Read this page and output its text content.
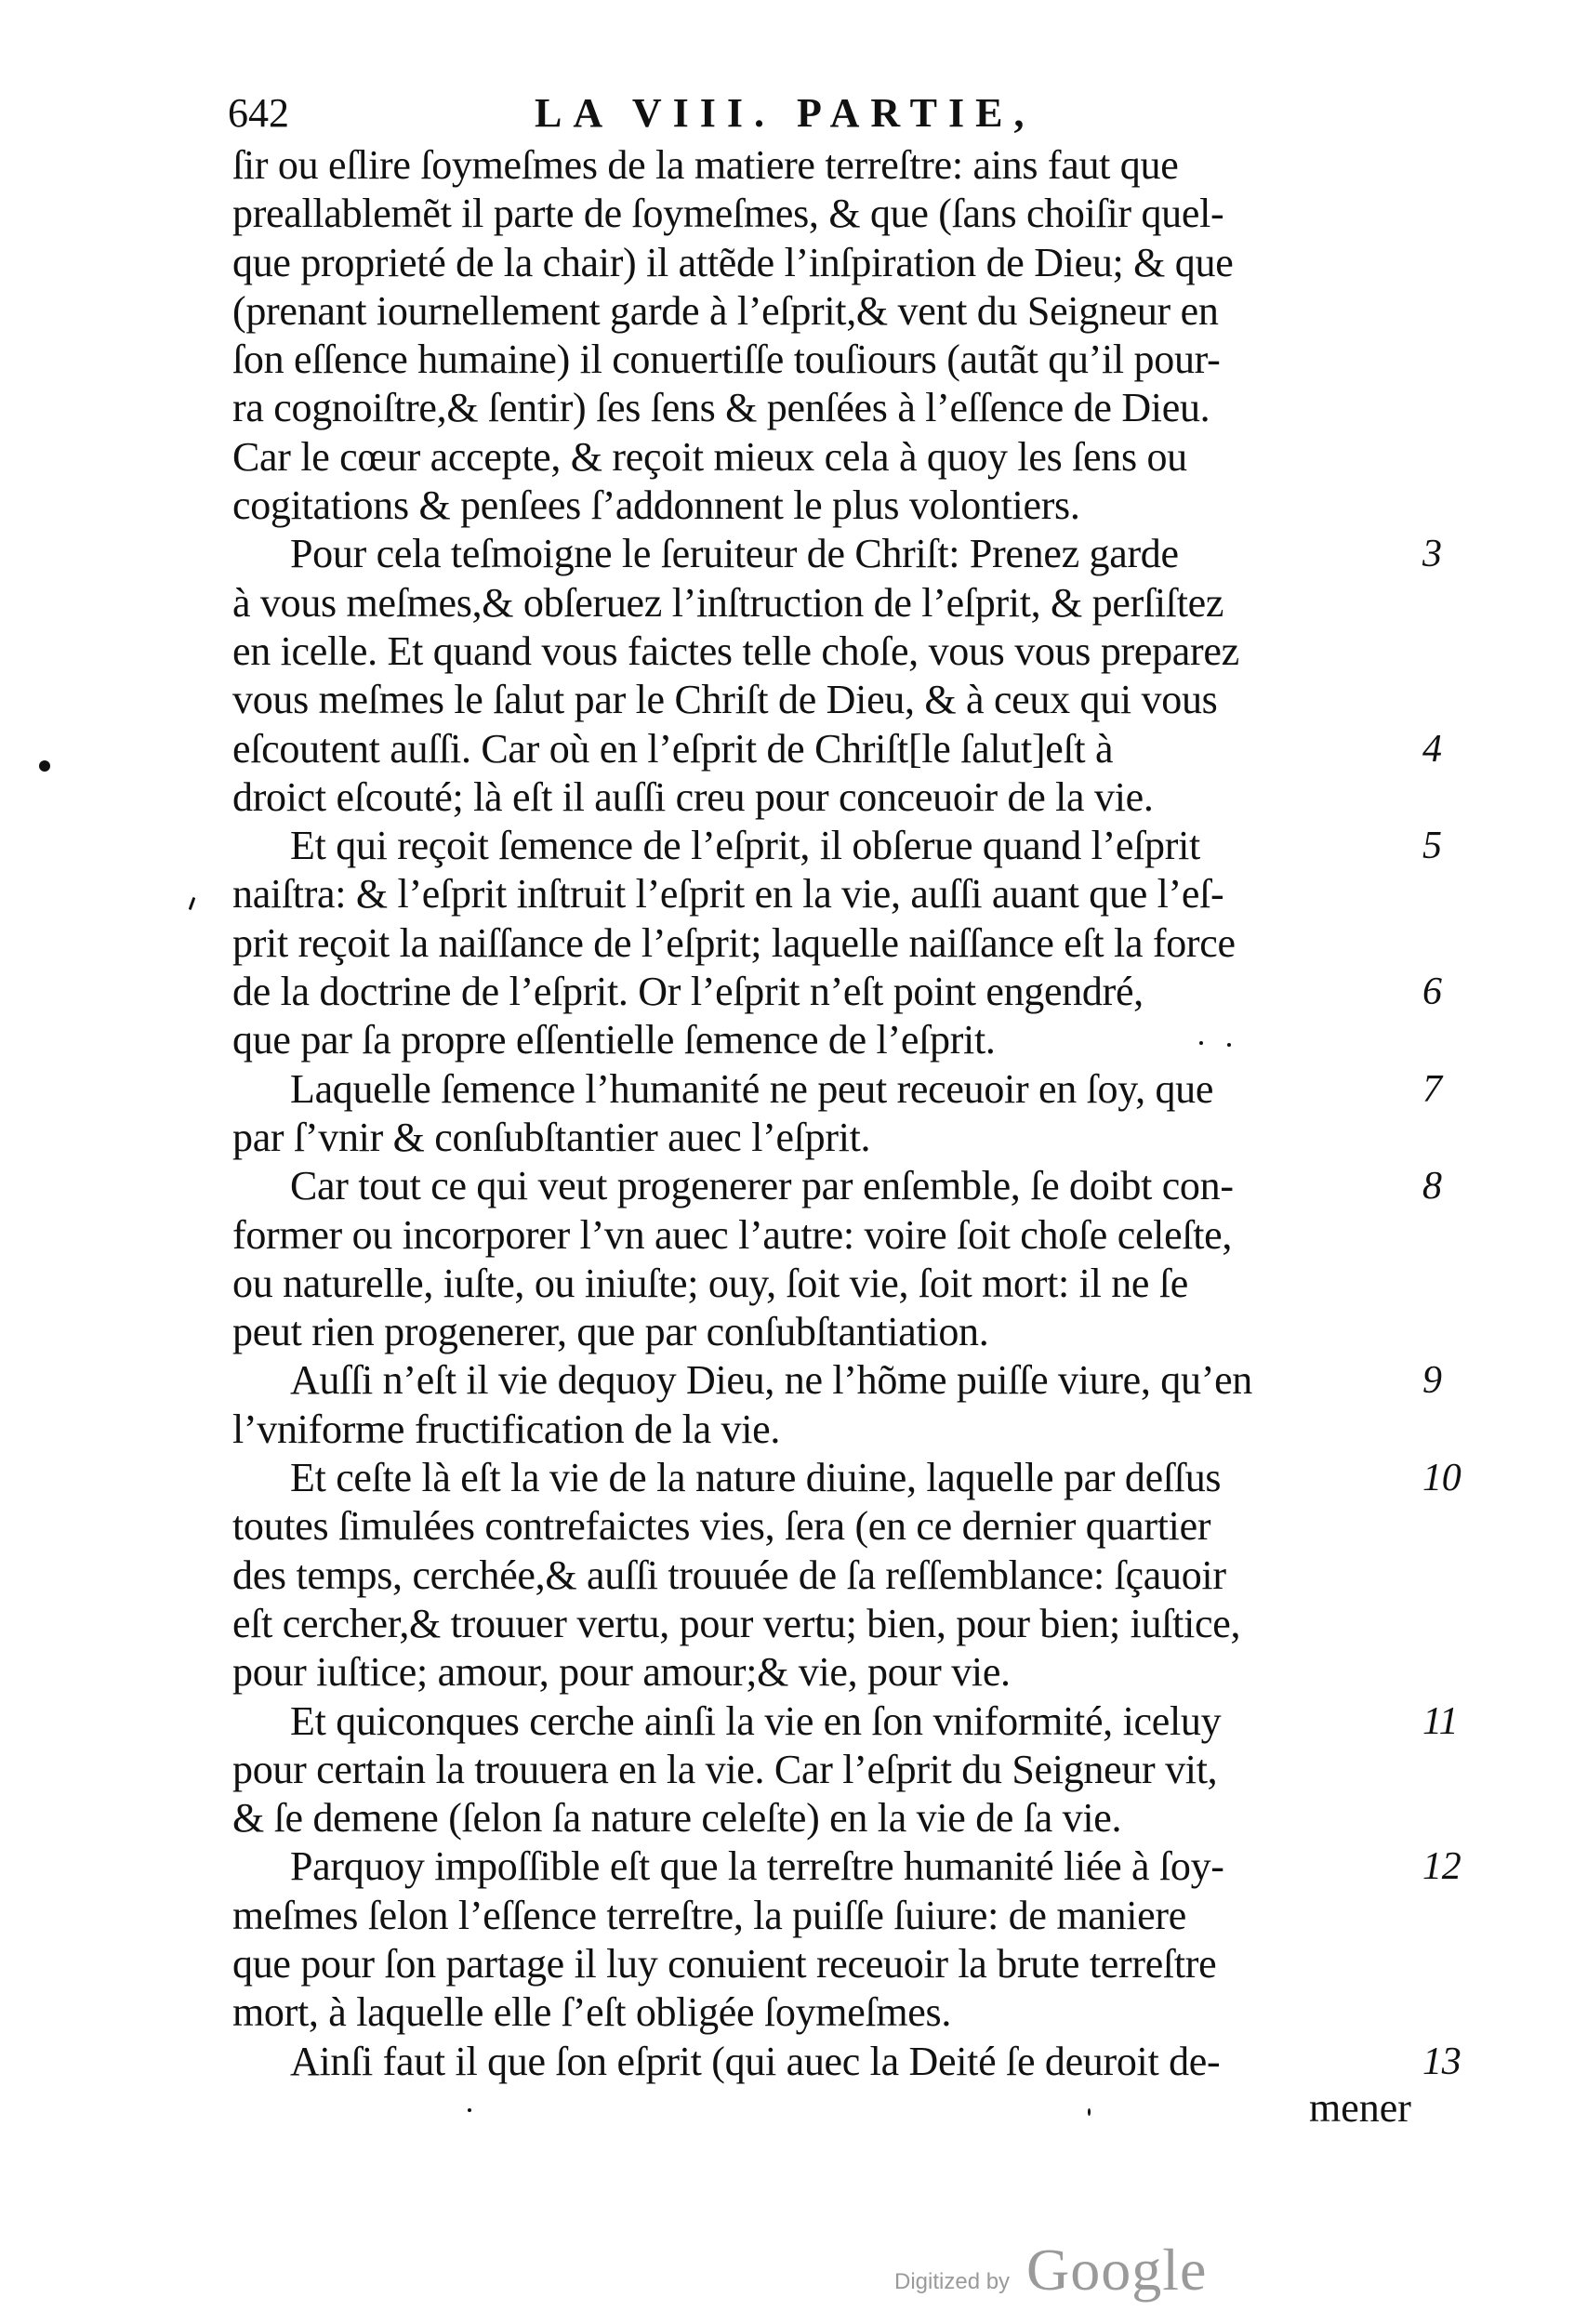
642	LA VIII. PARTIE,
ſir ou eſlire ſoymeſmes de la matiere terreſtre: ains faut que
preallablemẽt il parte de ſoymeſmes, & que (ſans choiſir quel-
que proprieté de la chair) il attẽde l’inſpiration de Dieu; & que
(prenant iournellement garde à l’eſprit,& vent du Seigneur en
ſon eſſence humaine) il conuertiſſe touſiours (autãt qu’il pour-
ra cognoiſtre,& ſentir) ſes ſens & penſées à l’eſſence de Dieu.
Car le cœur accepte, & reçoit mieux cela à quoy les ſens ou
cogitations & penſees ſ’addonnent le plus volontiers.
Pour cela teſmoigne le ſeruiteur de Chriſt: Prenez garde	3
à vous meſmes,& obſeruez l’inſtruction de l’eſprit, & perſiſtez
en icelle. Et quand vous faictes telle choſe, vous vous preparez
vous meſmes le ſalut par le Chriſt de Dieu, & à ceux qui vous
eſcoutent auſſi. Car où en l’eſprit de Chriſt[le ſalut]eſt à	4
droict eſcouté; là eſt il auſſi creu pour conceuoir de la vie.
Et qui reçoit ſemence de l’eſprit, il obſerue quand l’eſprit	5
naiſtra: & l’eſprit inſtruit l’eſprit en la vie, auſſi auant que l’eſ-
prit reçoit la naiſſance de l’eſprit; laquelle naiſſance eſt la force
de la doctrine de l’eſprit. Or l’eſprit n’eſt point engendré,	6
que par ſa propre eſſentielle ſemence de l’eſprit.
Laquelle ſemence l’humanité ne peut receuoir en ſoy, que	7
par ſ’vnir & conſubſtantier auec l’eſprit.
Car tout ce qui veut progenerer par enſemble, ſe doibt con-	8
former ou incorporer l’vn auec l’autre: voire ſoit choſe celeſte,
ou naturelle, iuſte, ou iniuſte; ouy, ſoit vie, ſoit mort: il ne ſe
peut rien progenerer, que par conſubſtantiation.
Auſſi n’eſt il vie dequoy Dieu, ne l’hõme puiſſe viure, qu’en	9
l’vniforme fructification de la vie.
Et ceſte là eſt la vie de la nature diuine, laquelle par deſſus	10
toutes ſimulées contrefaictes vies, ſera (en ce dernier quartier
des temps, cerchée,& auſſi trouuée de ſa reſſemblance: ſçauoir
eſt cercher,& trouuer vertu, pour vertu; bien, pour bien; iuſtice,
pour iuſtice; amour, pour amour;& vie, pour vie.
Et quiconques cerche ainſi la vie en ſon vniformité, iceluy	11
pour certain la trouuera en la vie. Car l’eſprit du Seigneur vit,
& ſe demene (ſelon ſa nature celeſte) en la vie de ſa vie.
Parquoy impoſſible eſt que la terreſtre humanité liée à ſoy-	12
meſmes ſelon l’eſſence terreſtre, la puiſſe ſuiure: de maniere
que pour ſon partage il luy conuient receuoir la brute terreſtre
mort, à laquelle elle ſ’eſt obligée ſoymeſmes.
Ainſi faut il que ſon eſprit (qui auec la Deité ſe deuroit de-	13
mener
Digitized by Google
